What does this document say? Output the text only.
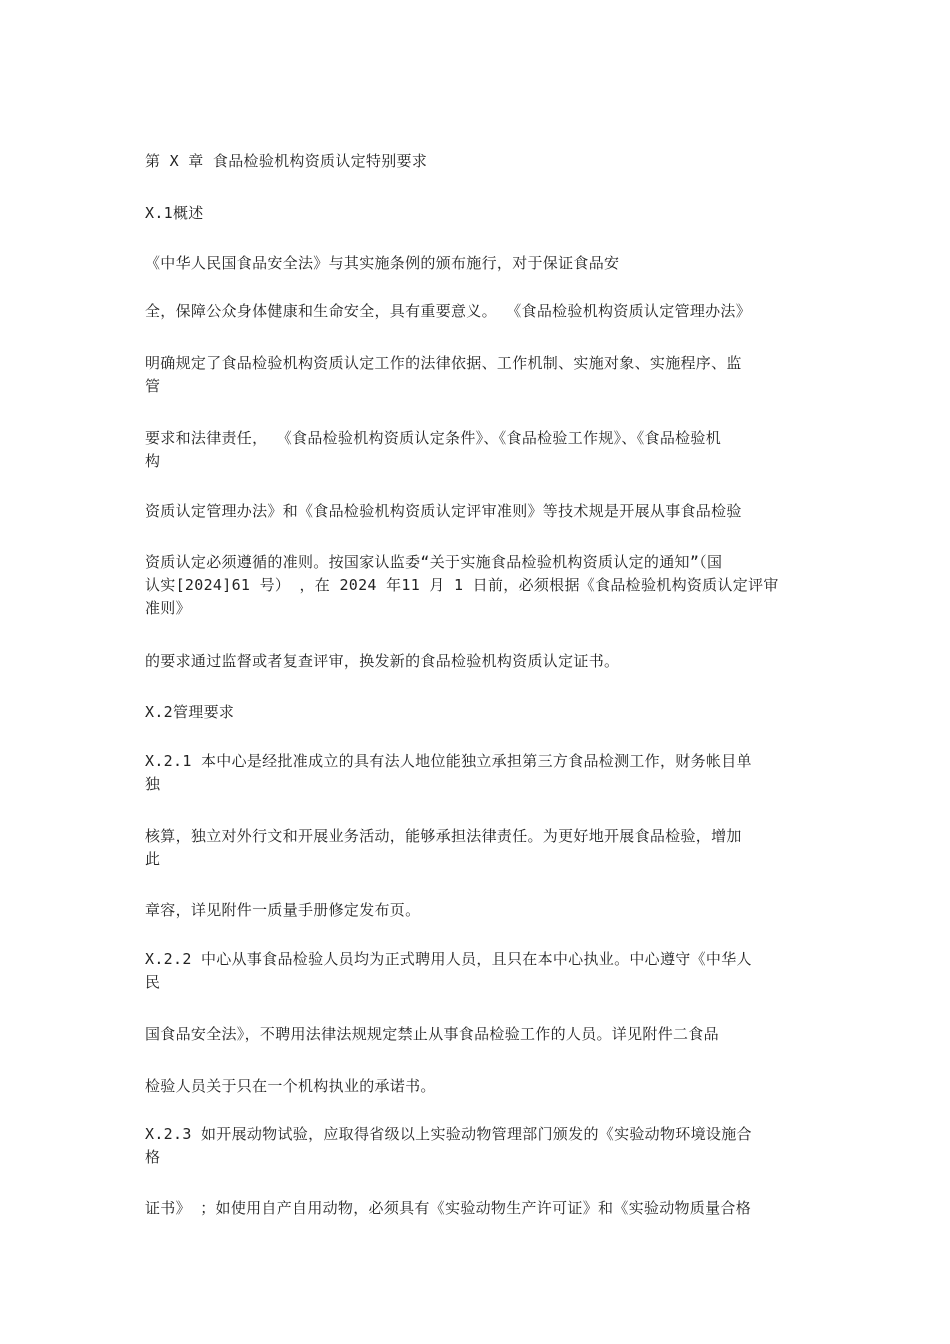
第 X 章 食品检验机构资质认定特别要求
X.1概述
《中华人民国食品安全法》与其实施条例的颁布施行，对于保证食品安
全，保障公众身体健康和生命安全，具有重要意义。 《食品检验机构资质认定管理办法》
明确规定了食品检验机构资质认定工作的法律依据、工作机制、实施对象、实施程序、监
管
要求和法律责任， 《食品检验机构资质认定条件》、《食品检验工作规》、《食品检验机
构
资质认定管理办法》和《食品检验机构资质认定评审准则》等技术规是开展从事食品检验
资质认定必须遵循的准则。按国家认监委“关于实施食品检验机构资质认定的通知”（国
认实[2024]61 号） ，在 2024 年11 月 1 日前，必须根据《食品检验机构资质认定评审
准则》
的要求通过监督或者复查评审，换发新的食品检验机构资质认定证书。
X.2管理要求
X.2.1 本中心是经批准成立的具有法人地位能独立承担第三方食品检测工作，财务帐目单
独
核算，独立对外行文和开展业务活动，能够承担法律责任。为更好地开展食品检验，增加
此
章容，详见附件一质量手册修定发布页。
X.2.2 中心从事食品检验人员均为正式聘用人员，且只在本中心执业。中心遵守《中华人
民
国食品安全法》，不聘用法律法规规定禁止从事食品检验工作的人员。详见附件二食品
检验人员关于只在一个机构执业的承诺书。
X.2.3 如开展动物试验，应取得省级以上实验动物管理部门颁发的《实验动物环境设施合
格
证书》 ；如使用自产自用动物，必须具有《实验动物生产许可证》和《实验动物质量合格
